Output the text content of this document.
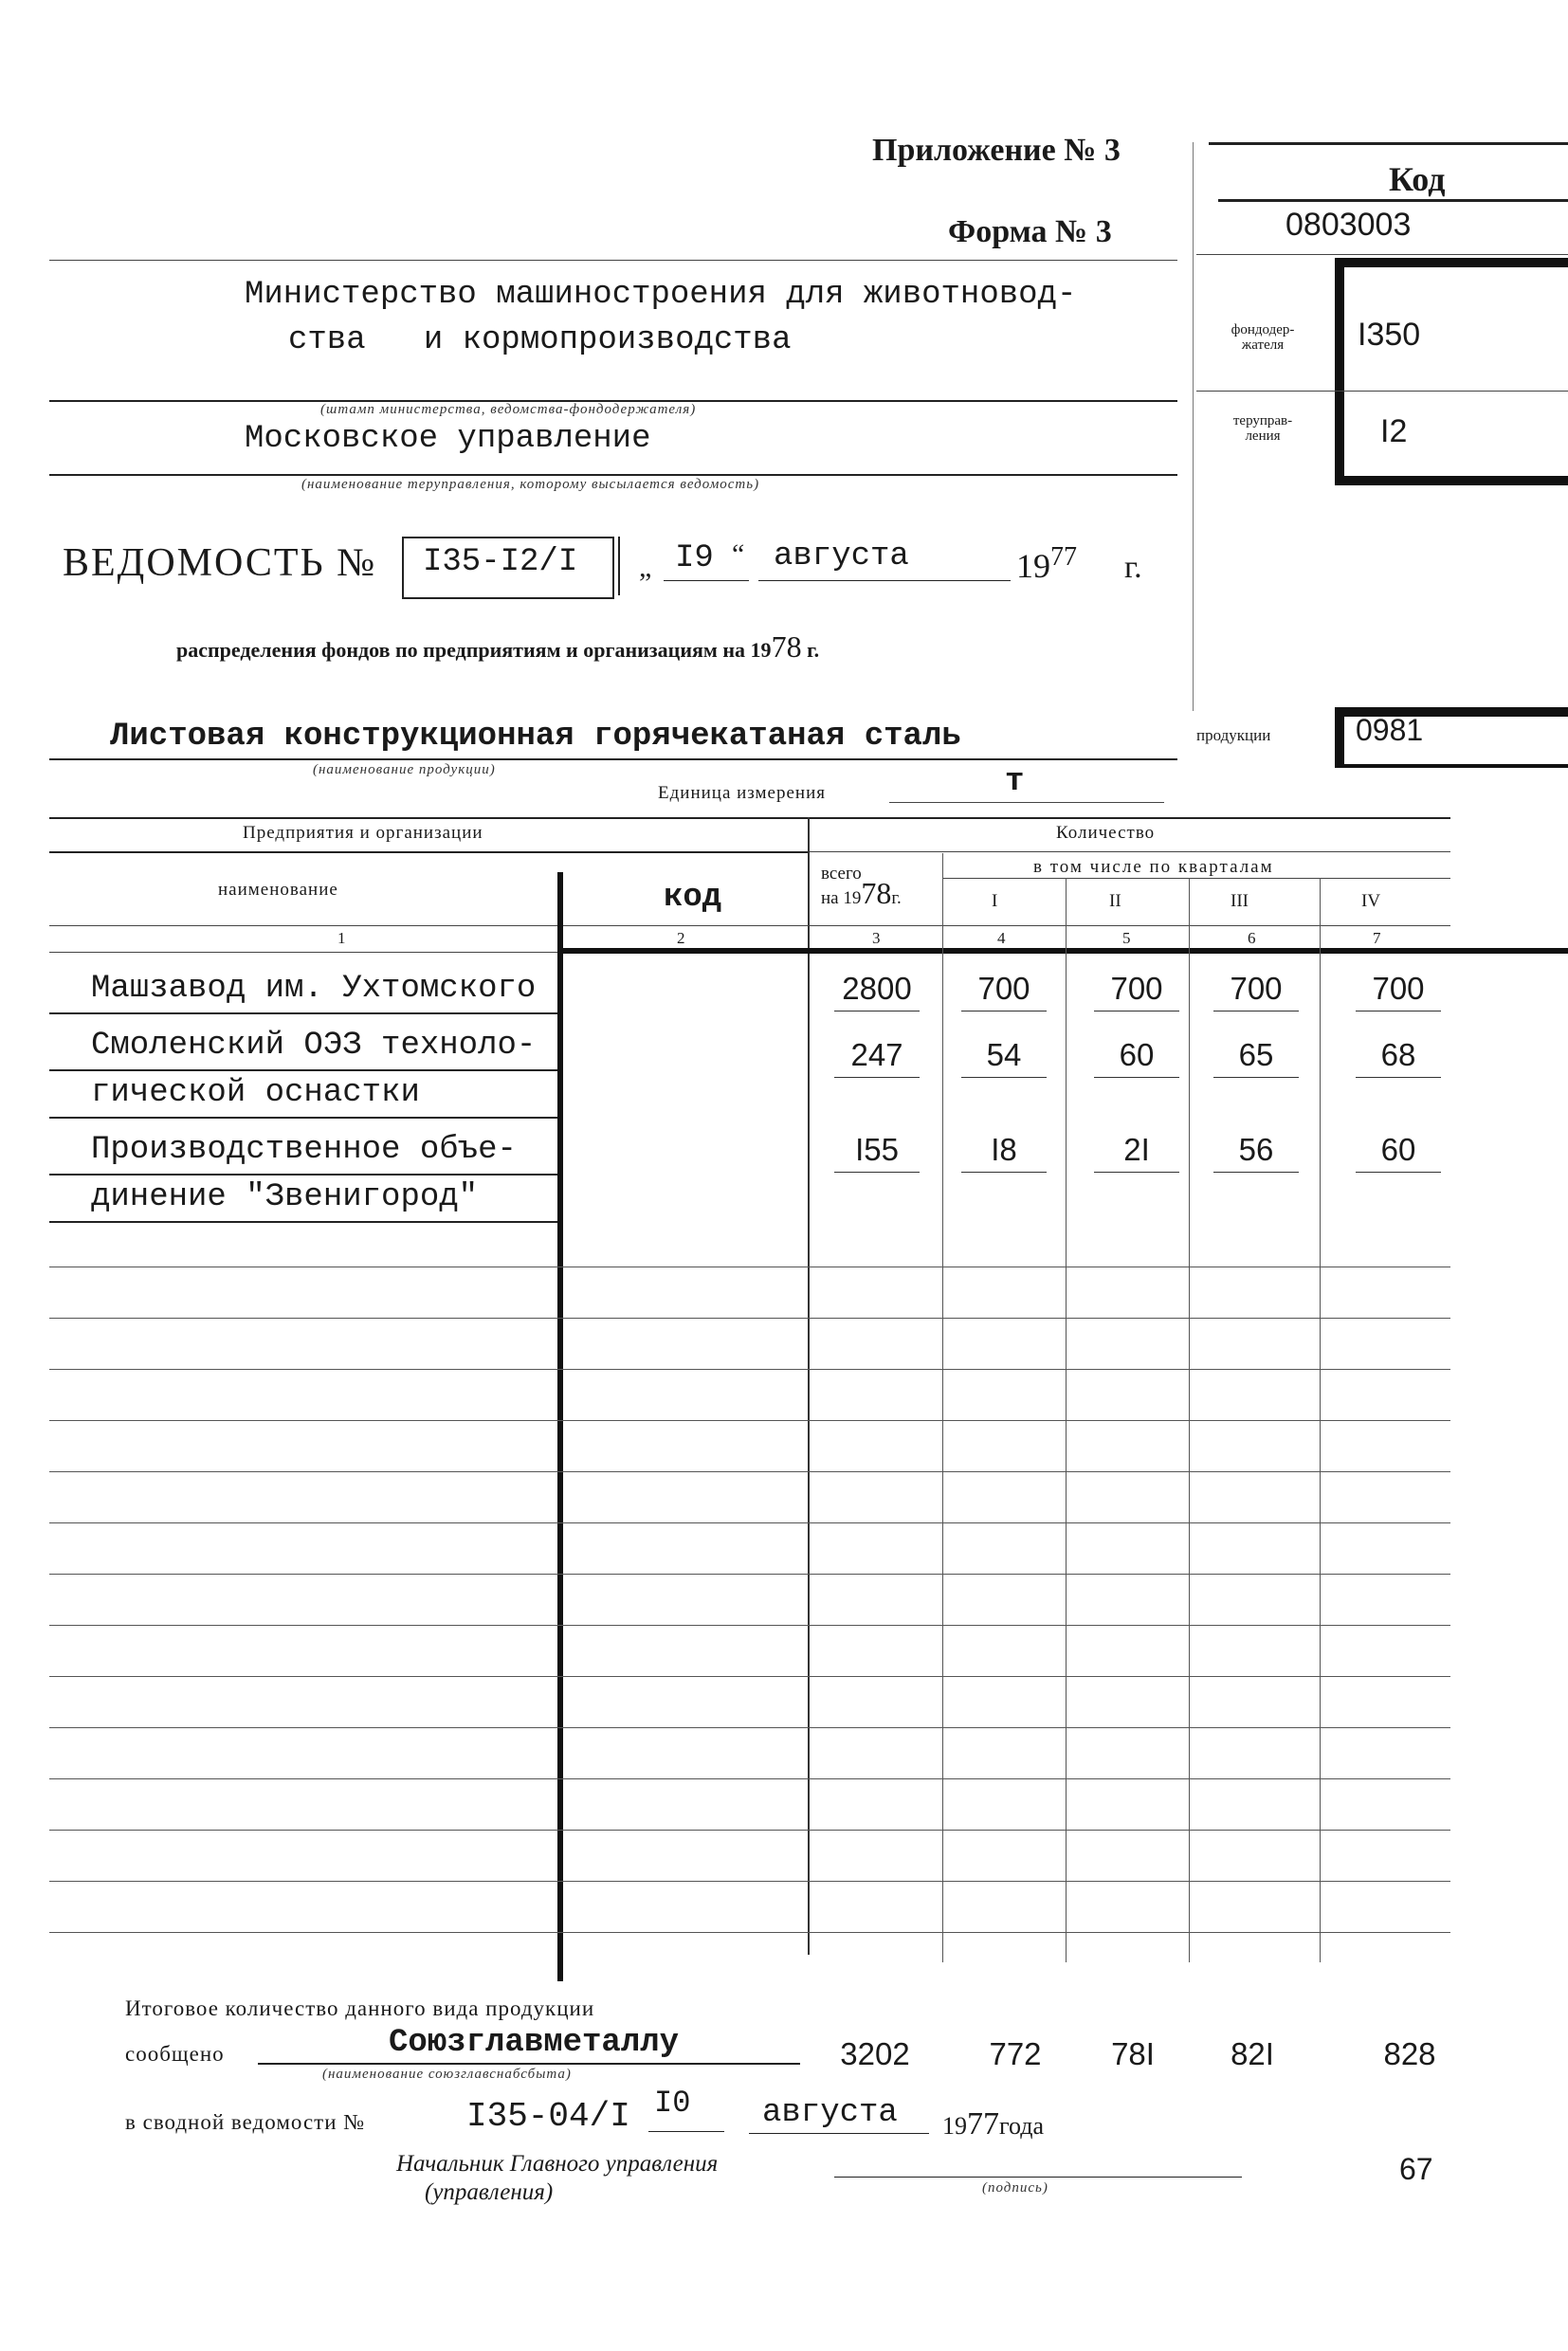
Приложение № 3
Форма № 3
Код
0803003
фондодер-
жателя	I350
терупрaв-
ления	I2
Министерство машиностроения для животновод-
ства   и кормопроизводства
(штамп министерства, ведомства-фондодержателя)
Московское управление
(наименование терупрaвления, которому высылается ведомость)
ВЕДОМОСТЬ № I35-I2/I „ I9 “ августа	$19^{77}$ г.
распределения фондов по предприятиям и организациям на 1978 г.
Листовая конструкционная горячекатаная сталь
(наименование продукции)
продукции	0981
Единица измерения	т
Предприятия и организации	Количество
наименование	код
всего
на 1978г.
в том числе по кварталам
I	II	III	IV
1	2	3	4	5	6	7
Машзавод им. Ухтомского	2800	700	700	700	700
Смоленский ОЭЗ техноло-
гической оснастки
247	54	60	65	68
Производственное объе-
динение "Звенигород"
I55	I8	2I	56	60
Итоговое количество данного вида продукции
сообщено	Союзглавметаллу
(наименование союзглавснабсбыта)
3202	772	78I	82I	828
в сводной ведомости №	I35-04/I I0 августа 1977года
Начальник Главного управления
(управления)	(подпись)
67
